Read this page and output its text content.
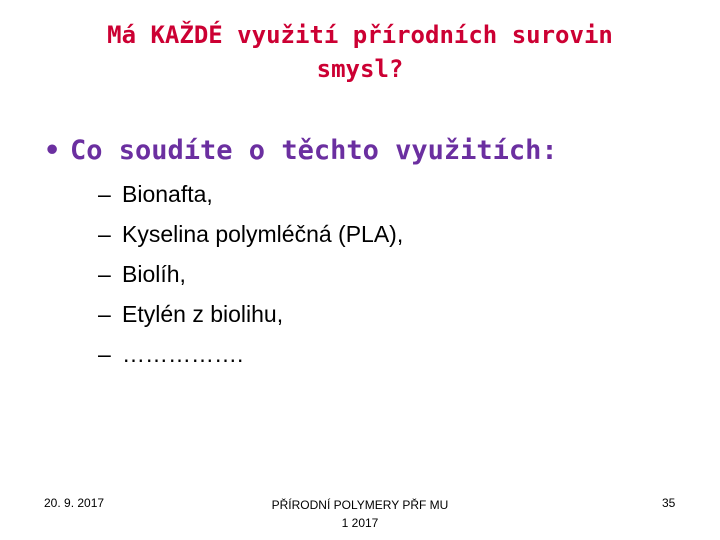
Má KAŽDÉ využití přírodních surovin
smysl?
• Co soudíte o těchto využitích:
– Bionafta,
– Kyselina polymléčná (PLA),
– Biolíh,
– Etylén z biolihu,
– …………….
20. 9. 2017	PŘÍRODNÍ POLYMERY PŘF MU
1 2017
35
